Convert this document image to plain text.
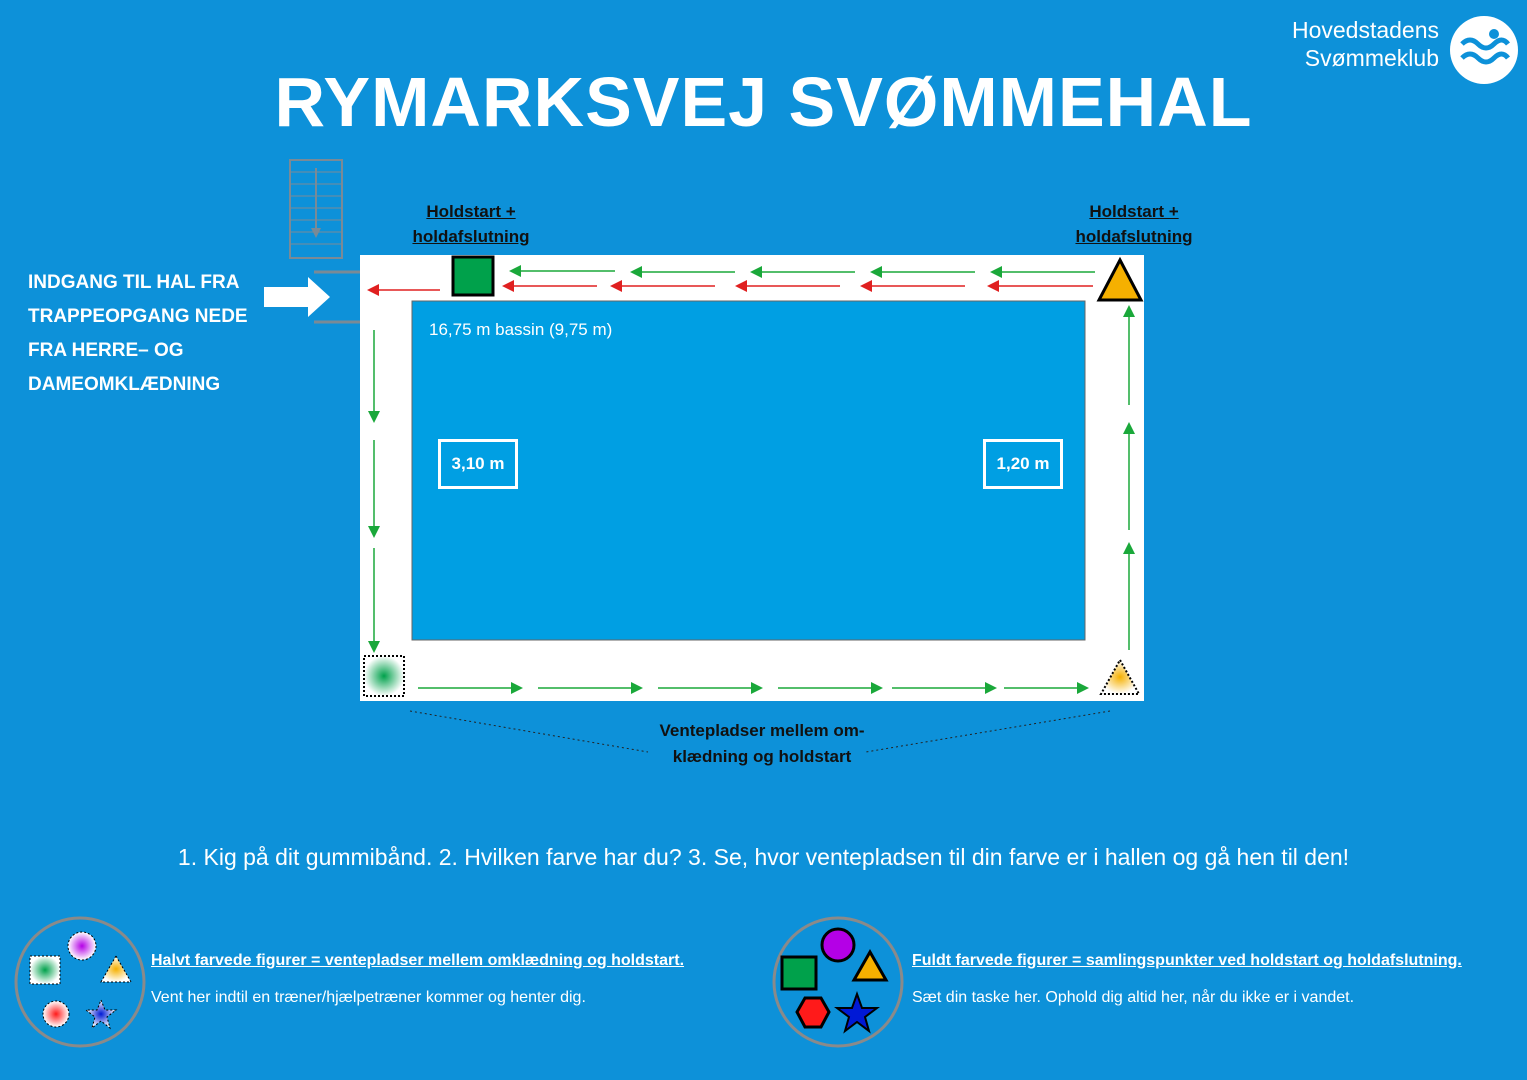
Hovedstadens
Svømmeklub
RYMARKSVEJ SVØMMEHAL
INDGANG TIL HAL FRA
TRAPPEOPGANG NEDE
FRA HERRE– OG
DAMEOMKLÆDNING
Holdstart +
holdafslutning
Holdstart +
holdafslutning
16,75 m bassin (9,75 m)
3,10 m	1,20 m
Ventepladser mellem om-
klædning og holdstart
1. Kig på dit gummibånd. 2. Hvilken farve har du? 3. Se, hvor ventepladsen til din farve er i hallen og gå hen til den!
Halvt farvede figurer = ventepladser mellem omklædning og holdstart.
Vent her indtil en træner/hjælpetræner kommer og henter dig.
Fuldt farvede figurer = samlingspunkter ved holdstart og holdafslutning.
Sæt din taske her. Ophold dig altid her, når du ikke er i vandet.
